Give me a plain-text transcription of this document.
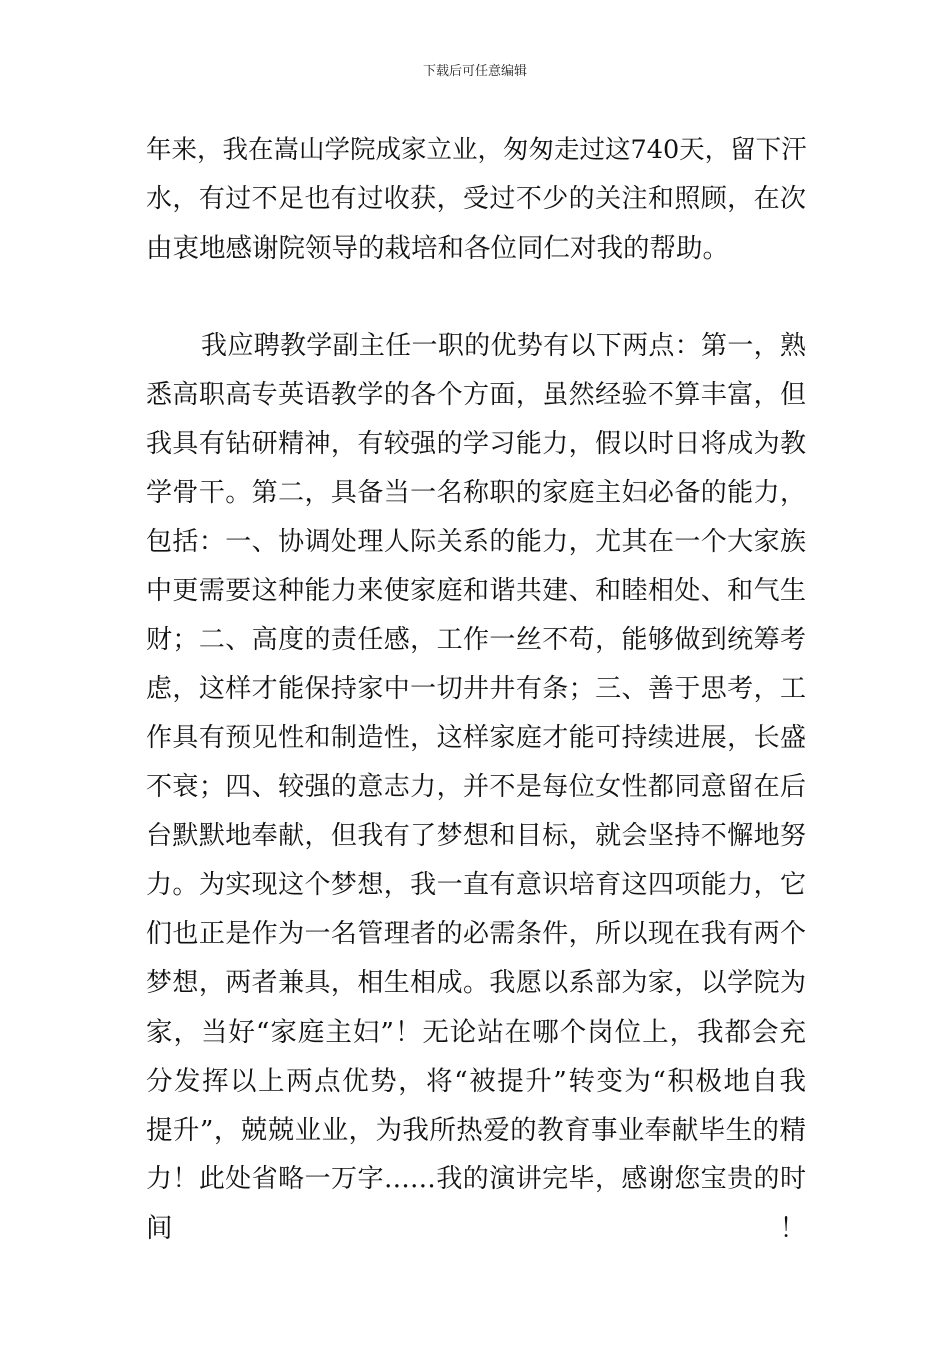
下载后可任意编辑
年来，我在嵩山学院成家立业，匆匆走过这740天，留下汗
水，有过不足也有过收获，受过不少的关注和照顾，在次
由衷地感谢院领导的栽培和各位同仁对我的帮助。
我应聘教学副主任一职的优势有以下两点：第一，熟
悉高职高专英语教学的各个方面，虽然经验不算丰富，但
我具有钻研精神，有较强的学习能力，假以时日将成为教
学骨干。第二，具备当一名称职的家庭主妇必备的能力，
包括：一、协调处理人际关系的能力，尤其在一个大家族
中更需要这种能力来使家庭和谐共建、和睦相处、和气生
财；二、高度的责任感，工作一丝不苟，能够做到统筹考
虑，这样才能保持家中一切井井有条；三、善于思考，工
作具有预见性和制造性，这样家庭才能可持续进展，长盛
不衰；四、较强的意志力，并不是每位女性都同意留在后
台默默地奉献，但我有了梦想和目标，就会坚持不懈地努
力。为实现这个梦想，我一直有意识培育这四项能力，它
们也正是作为一名管理者的必需条件，所以现在我有两个
梦想，两者兼具，相生相成。我愿以系部为家，以学院为
家，当好“家庭主妇”！无论站在哪个岗位上，我都会充
分发挥以上两点优势，将“被提升”转变为“积极地自我
提升”，兢兢业业，为我所热爱的教育事业奉献毕生的精
力！此处省略一万字……我的演讲完毕，感谢您宝贵的时
间！
